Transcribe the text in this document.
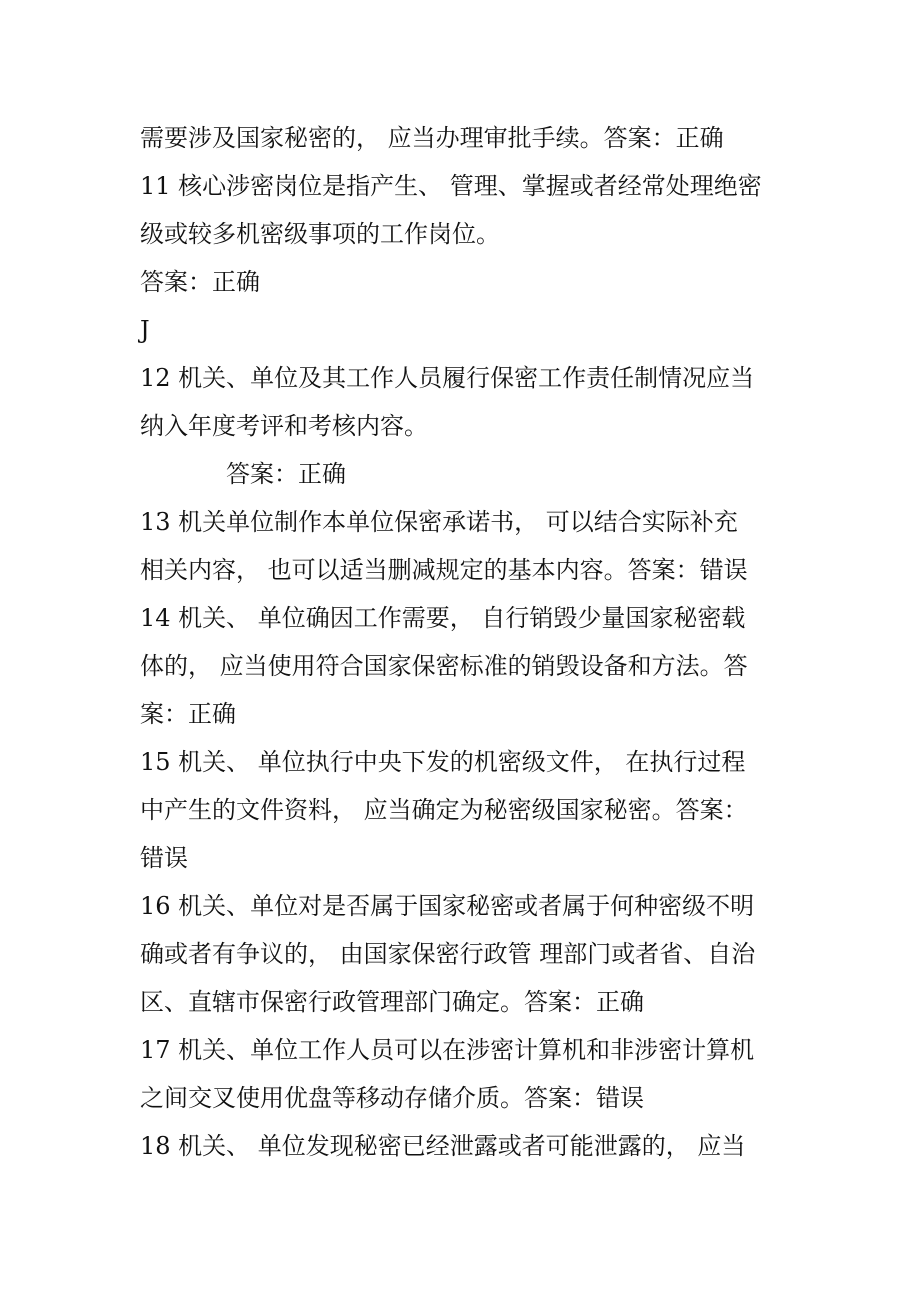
需要涉及国家秘密的， 应当办理审批手续。答案：正确
11 核心涉密岗位是指产生、 管理、掌握或者经常处理绝密
级或较多机密级事项的工作岗位。
答案：正确
J
12 机关、单位及其工作人员履行保密工作责任制情况应当
纳入年度考评和考核内容。
答案：正确
13 机关单位制作本单位保密承诺书， 可以结合实际补充
相关内容， 也可以适当删减规定的基本内容。答案：错误
14 机关、 单位确因工作需要， 自行销毁少量国家秘密载
体的， 应当使用符合国家保密标准的销毁设备和方法。答
案：正确
15 机关、 单位执行中央下发的机密级文件， 在执行过程
中产生的文件资料， 应当确定为秘密级国家秘密。答案：
错误
16 机关、单位对是否属于国家秘密或者属于何种密级不明
确或者有争议的， 由国家保密行政管 理部门或者省、自治
区、直辖市保密行政管理部门确定。答案：正确
17 机关、单位工作人员可以在涉密计算机和非涉密计算机
之间交叉使用优盘等移动存储介质。答案：错误
18 机关、 单位发现秘密已经泄露或者可能泄露的， 应当
